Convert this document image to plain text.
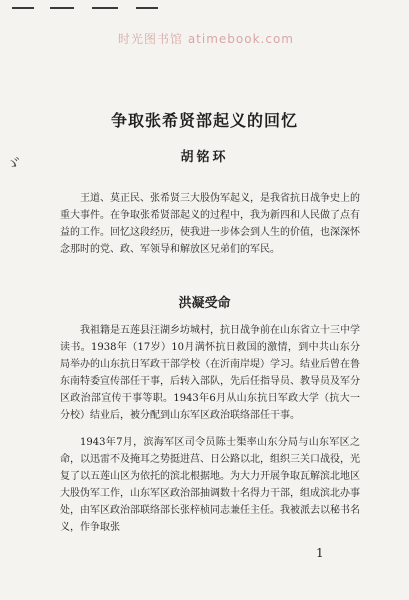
时光图书馆 atimebook.com
ゞ
争取张希贤部起义的回忆
胡铭环
王道、莫正民、张希贤三大股伪军起义，是我省抗日战争史上的重大事件。在争取张希贤部起义的过程中，我为新四和人民做了点有益的工作。回忆这段经历，使我进一步体会到人生的价值，也深深怀念那时的党、政、军领导和解放区兄弟们的军民。
洪凝受命
我祖籍是五莲县汪湖乡坊城村，抗日战争前在山东省立十三中学读书。1938年（17岁）10月满怀抗日救国的激情，到中共山东分局举办的山东抗日军政干部学校（在沂南岸堤）学习。结业后曾在鲁东南特委宣传部任干事，后转入部队，先后任指导员、教导员及军分区政治部宣传干事等职。1943年6月从山东抗日军政大学（抗大一分校）结业后，被分配到山东军区政治联络部任干事。
1943年7月，滨海军区司令员陈士榘率山东分局与山东军区之命，以迅雷不及掩耳之势挺进莒、日公路以北，组织三关口战役，光复了以五莲山区为依托的滨北根据地。为大力开展争取瓦解滨北地区大股伪军工作，山东军区政治部抽调数十名得力干部，组成滨北办事处，由军区政治部联络部长张梓桢同志兼任主任。我被派去以秘书名义，作争取张
1
